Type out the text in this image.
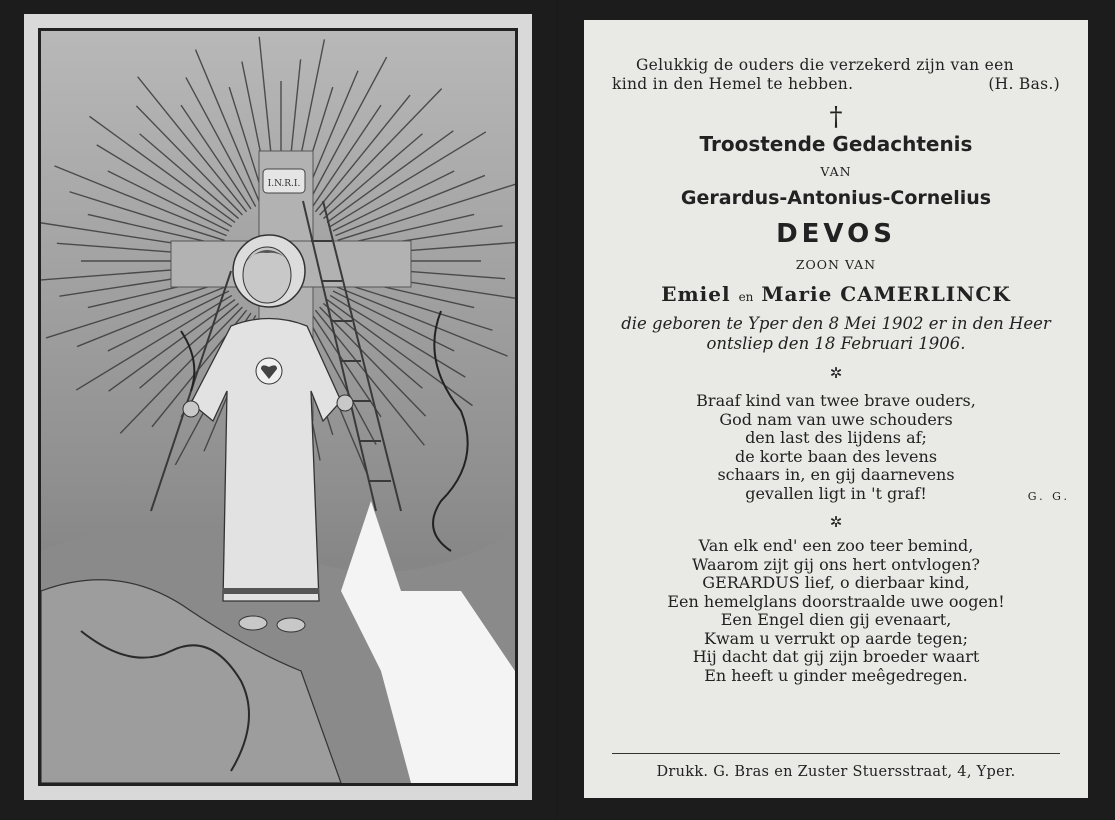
I.N.R.I.
Gelukkig de ouders die verzekerd zijn van een
kind in den Hemel te hebben.	(H. Bas.)
†
Troostende Gedachtenis
VAN
Gerardus-Antonius-Cornelius
DEVOS
ZOON VAN
Emiel en Marie CAMERLINCK
die geboren te Yper den 8 Mei 1902 er in den Heer
ontsliep den 18 Februari 1906.
✲
Braaf kind van twee brave ouders,
God nam van uwe schouders
den last des lijdens af;
de korte baan des levens
schaars in, en gij daarnevens
gevallen ligt in 't graf!	G. G.
✲
Van elk end' een zoo teer bemind,
Waarom zijt gij ons hert ontvlogen?
GERARDUS lief, o dierbaar kind,
Een hemelglans doorstraalde uwe oogen!
Een Engel dien gij evenaart,
Kwam u verrukt op aarde tegen;
Hij dacht dat gij zijn broeder waart
En heeft u ginder meêgedregen.
Drukk. G. Bras en Zuster Stuersstraat, 4, Yper.
